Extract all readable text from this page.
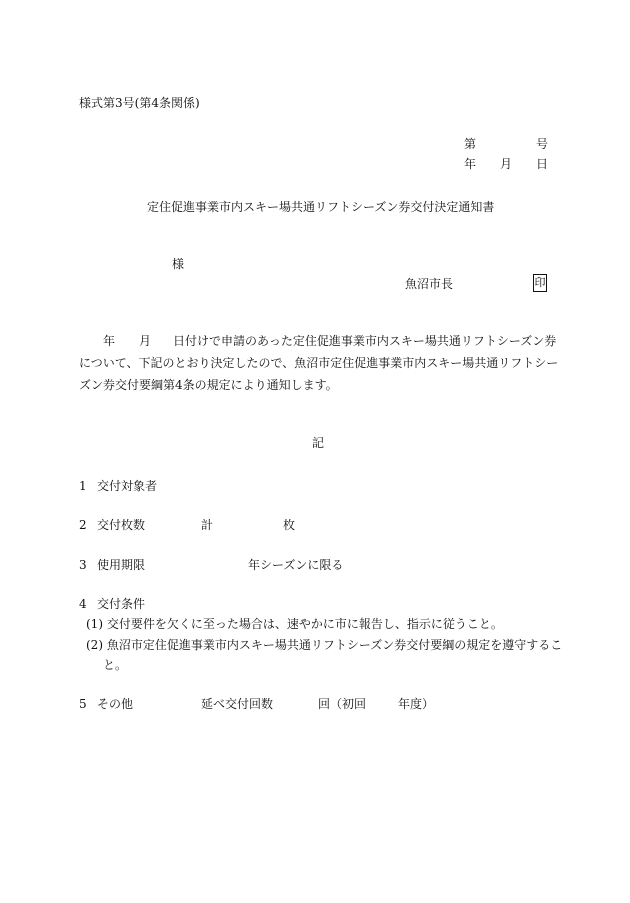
様式第3号(第4条関係)
第	号
年 月 日
定住促進事業市内スキー場共通リフトシーズン券交付決定通知書
様
魚沼市長	印
年 月 日付けで申請のあった定住促進事業市内スキー場共通リフトシーズン券
について、下記のとおり決定したので、魚沼市定住促進事業市内スキー場共通リフトシー
ズン券交付要綱第4条の規定により通知します。
記
1 交付対象者
2 交付枚数	計	枚
3 使用期限	年シーズンに限る
4 交付条件
(1) 交付要件を欠くに至った場合は、速やかに市に報告し、指示に従うこと。
(2) 魚沼市定住促進事業市内スキー場共通リフトシーズン券交付要綱の規定を遵守するこ
と。
5 その他	延べ交付回数	回（初回	年度）
